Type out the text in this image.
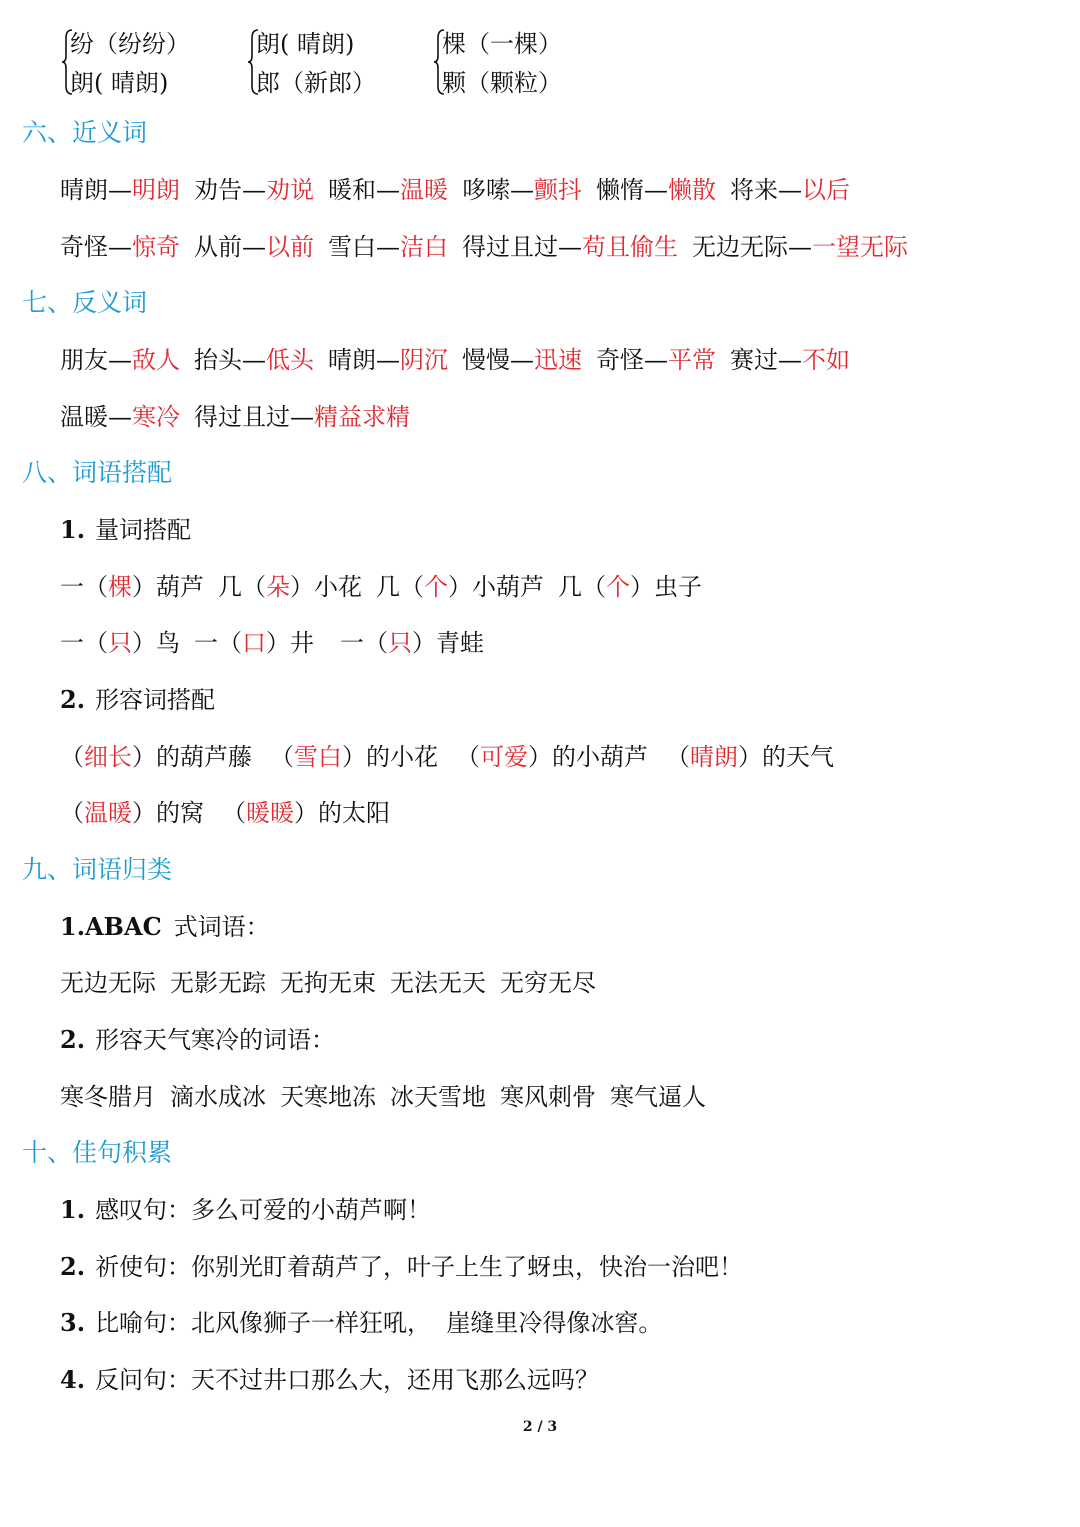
纷（纷纷）
朗( 晴朗)
朗( 晴朗)
郎（新郎）
棵（一棵）
颗（颗粒）
六、近义词
晴朗—明朗 劝告—劝说 暖和—温暖 哆嗦—颤抖 懒惰—懒散 将来—以后
奇怪—惊奇 从前—以前 雪白—洁白 得过且过—苟且偷生 无边无际—一望无际
七、反义词
朋友—敌人 抬头—低头 晴朗—阴沉 慢慢—迅速 奇怪—平常 赛过—不如
温暖—寒冷 得过且过—精益求精
八、词语搭配
1. 量词搭配
一（棵）葫芦 几（朵）小花 几（个）小葫芦 几（个）虫子
一（只）鸟 一（口）井 一（只）青蛙
2. 形容词搭配
（细长）的葫芦藤 （雪白）的小花 （可爱）的小葫芦 （晴朗）的天气
（温暖）的窝 （暖暖）的太阳
九、词语归类
1.ABAC 式词语：
无边无际 无影无踪 无拘无束 无法无天 无穷无尽
2. 形容天气寒冷的词语：
寒冬腊月 滴水成冰 天寒地冻 冰天雪地 寒风刺骨 寒气逼人
十、佳句积累
1. 感叹句：多么可爱的小葫芦啊！
2. 祈使句：你别光盯着葫芦了，叶子上生了蚜虫，快治一治吧！
3. 比喻句：北风像狮子一样狂吼，  崖缝里冷得像冰窖。
4. 反问句：天不过井口那么大，还用飞那么远吗？
2 / 3
